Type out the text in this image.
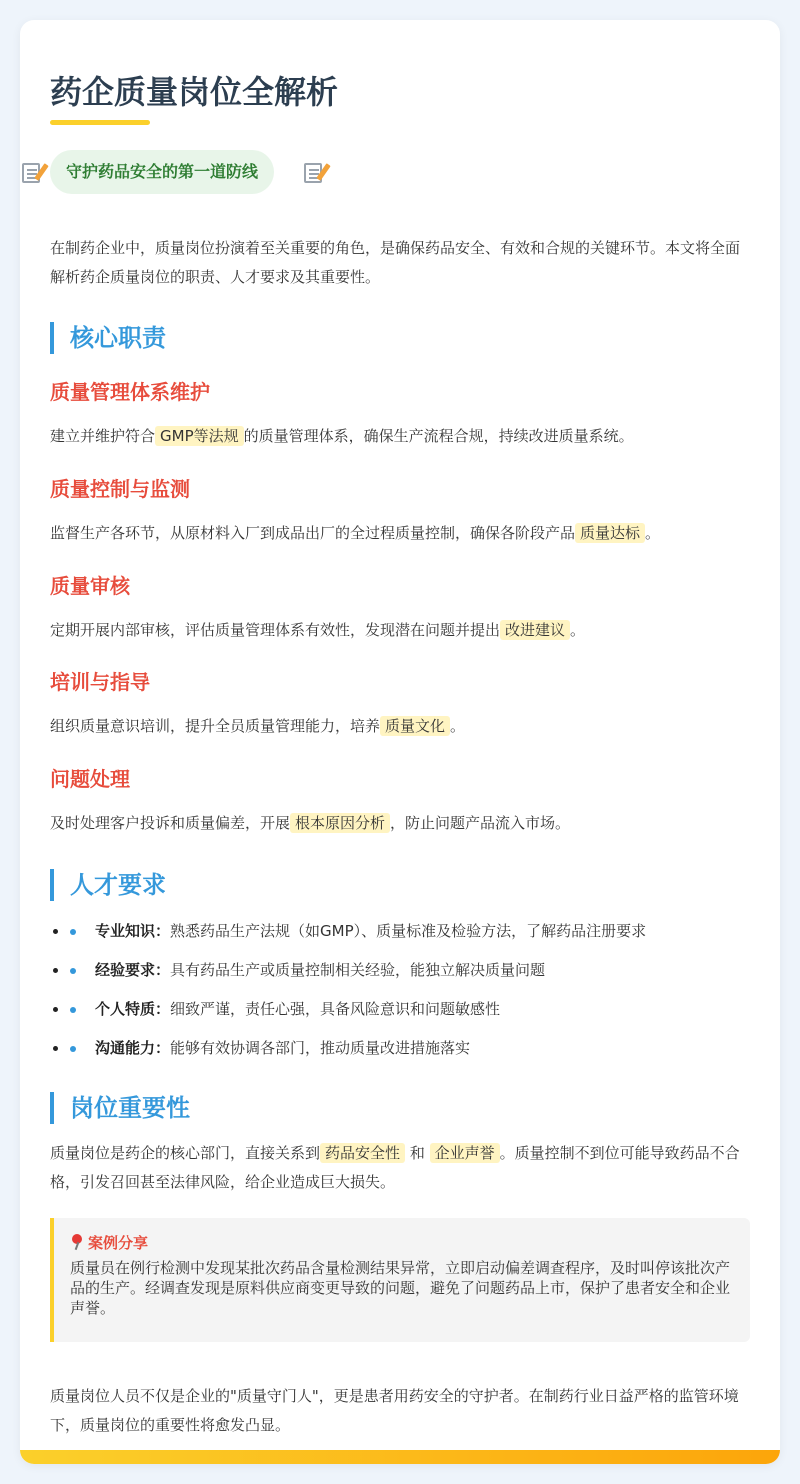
药企质量岗位全解析
守护药品安全的第一道防线

在制药企业中，质量岗位扮演着至关重要的角色，是确保药品安全、有效和合规的关键环节。本文将全面解析药企质量岗位的职责、人才要求及其重要性。

核心职责
质量管理体系维护

建立并维护符合 GMP等法规 的质量管理体系，确保生产流程合规，持续改进质量系统。

质量控制与监测

监督生产各环节，从原材料入厂到成品出厂的全过程质量控制，确保各阶段产品 质量达标 。

质量审核

定期开展内部审核，评估质量管理体系有效性，发现潜在问题并提出 改进建议 。

培训与指导

组织质量意识培训，提升全员质量管理能力，培养 质量文化 。

问题处理

及时处理客户投诉和质量偏差，开展 根本原因分析 ，防止问题产品流入市场。

人才要求
专业知识：熟悉药品生产法规（如GMP）、质量标准及检验方法，了解药品注册要求
经验要求：具有药品生产或质量控制相关经验，能独立解决质量问题
个人特质：细致严谨，责任心强，具备风险意识和问题敏感性
沟通能力：能够有效协调各部门，推动质量改进措施落实
岗位重要性

质量岗位是药企的核心部门，直接关系到 药品安全性 和 企业声誉 。质量控制不到位可能导致药品不合格，引发召回甚至法律风险，给企业造成巨大损失。

案例分享

质量员在例行检测中发现某批次药品含量检测结果异常，立即启动偏差调查程序，及时叫停该批次产品的生产。经调查发现是原料供应商变更导致的问题，避免了问题药品上市，保护了患者安全和企业声誉。

质量岗位人员不仅是企业的"质量守门人"，更是患者用药安全的守护者。在制药行业日益严格的监管环境下，质量岗位的重要性将愈发凸显。
